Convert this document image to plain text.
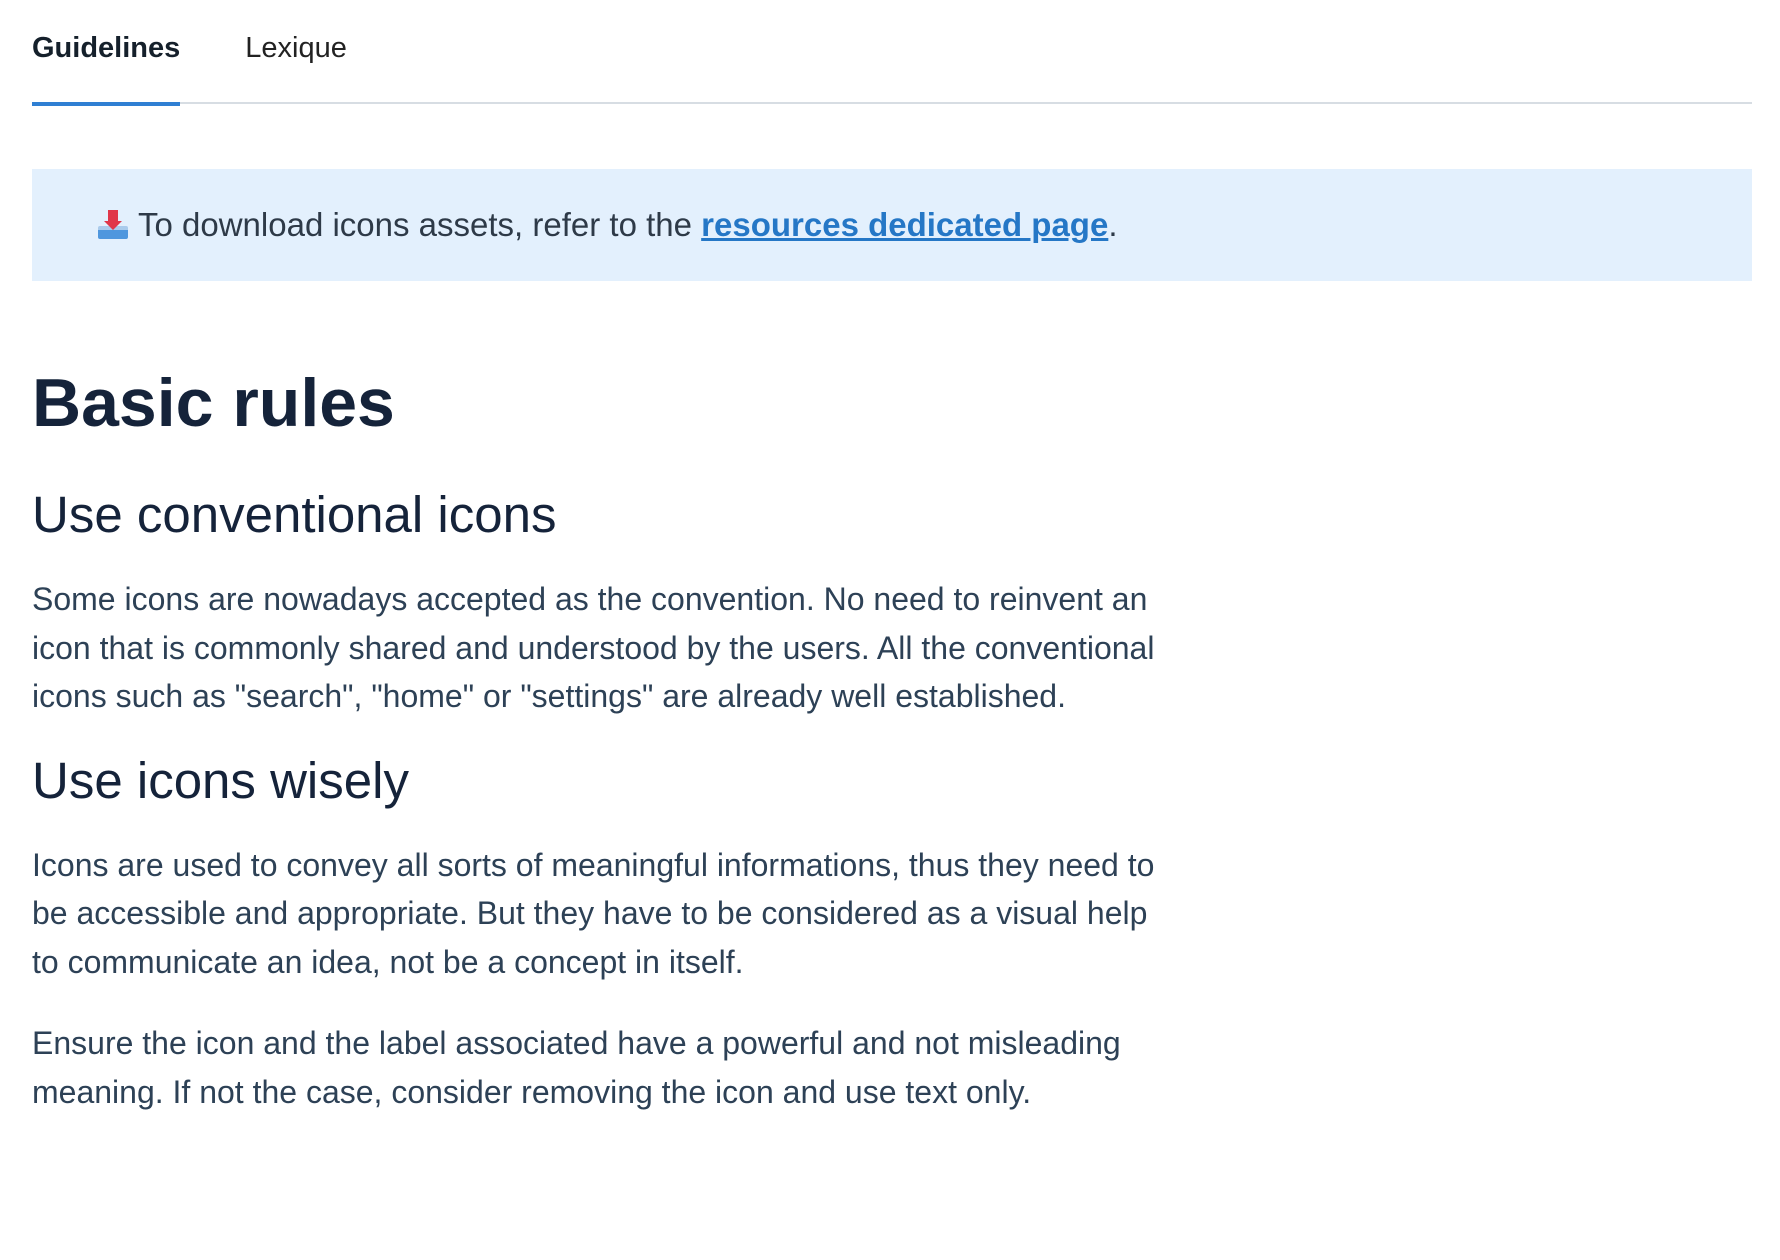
Guidelines Lexique
To download icons assets, refer to the
resources dedicated page .
Basic rules
Use conventional icons

Some icons are nowadays accepted as the convention. No need to reinvent an icon that is commonly shared and understood by the users. All the conventional icons such as "search", "home" or "settings" are already well established.

Use icons wisely

Icons are used to convey all sorts of meaningful informations, thus they need to be accessible and appropriate. But they have to be considered as a visual help to communicate an idea, not be a concept in itself.

Ensure the icon and the label associated have a powerful and not misleading meaning. If not the case, consider removing the icon and use text only.
